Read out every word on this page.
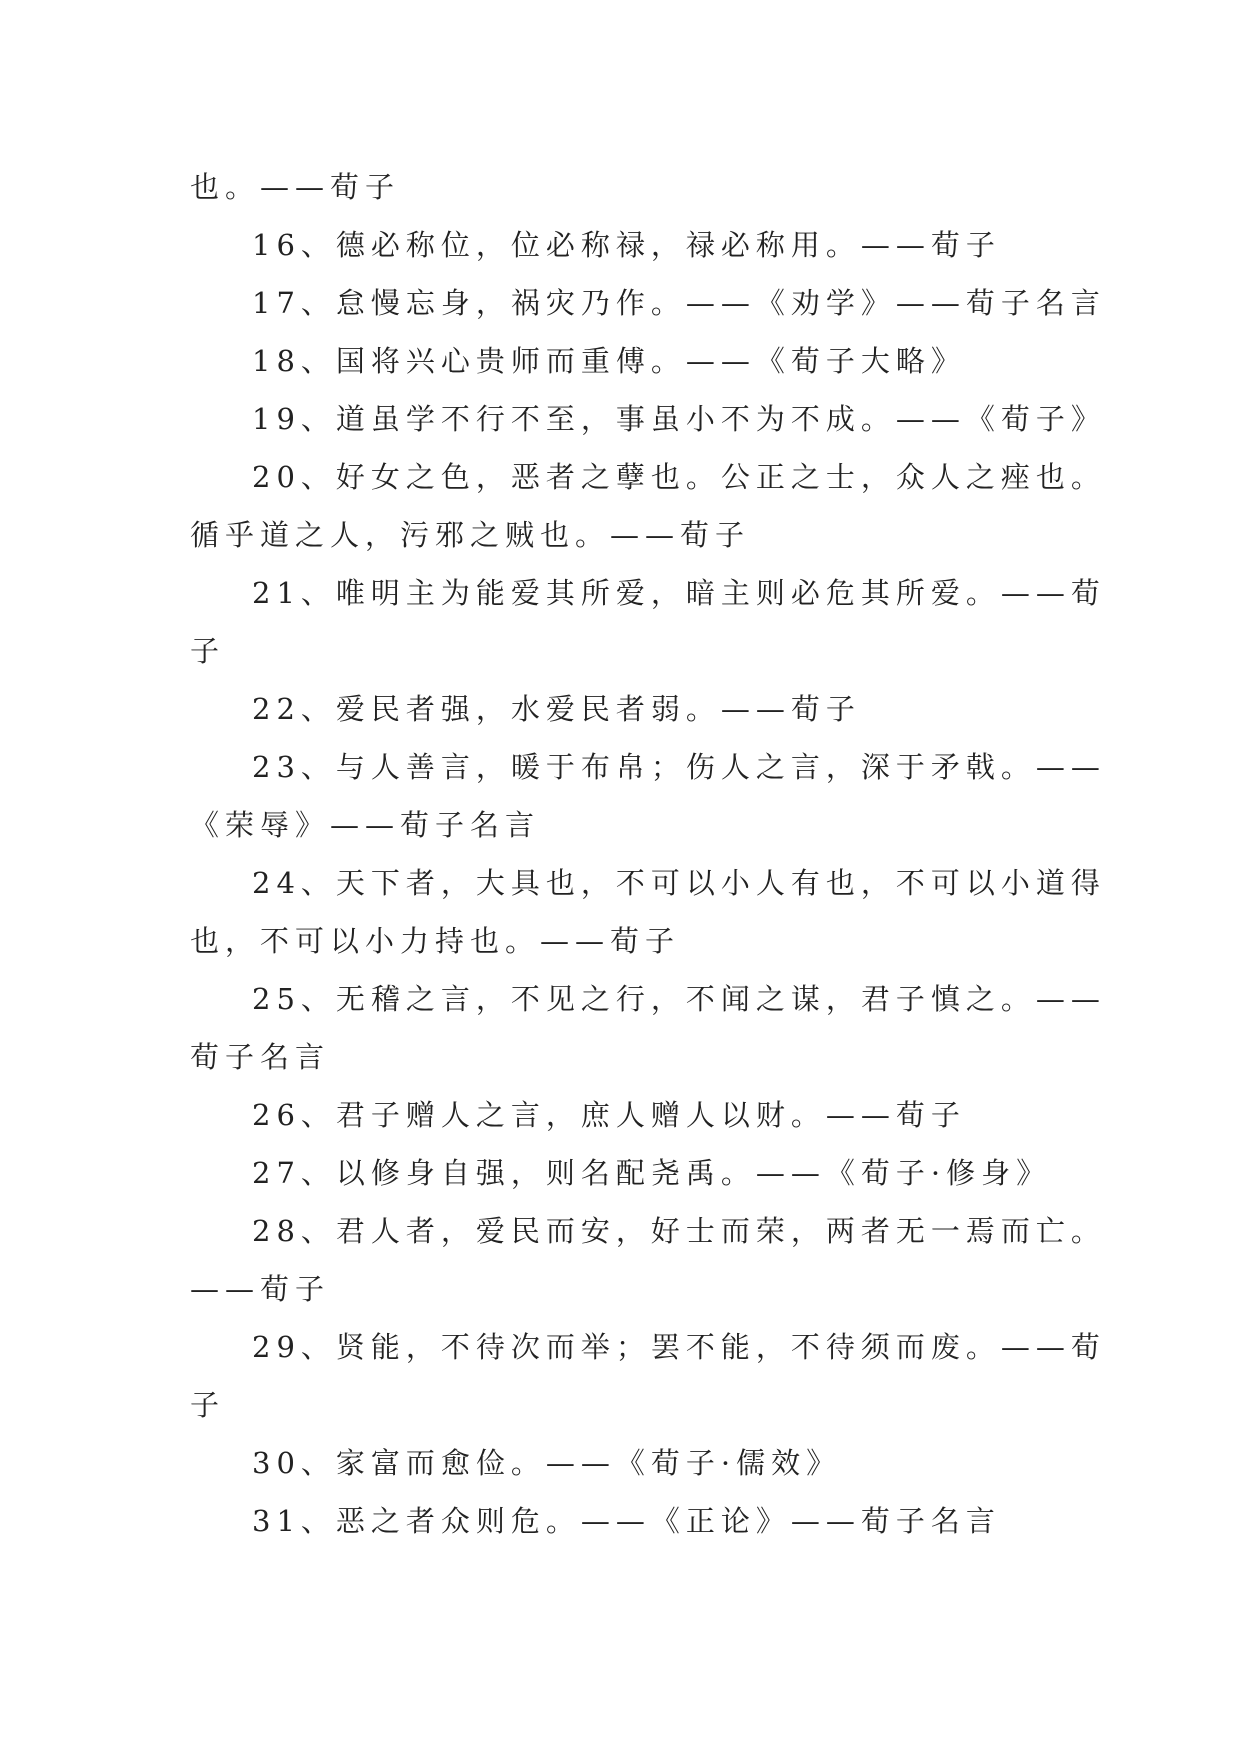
也。——荀子
16、德必称位，位必称禄，禄必称用。——荀子
17、怠慢忘身，祸灾乃作。——《劝学》——荀子名言
18、国将兴心贵师而重傅。——《荀子大略》
19、道虽学不行不至，事虽小不为不成。——《荀子》
20、好女之色，恶者之孽也。公正之士，众人之痤也。
循乎道之人，污邪之贼也。——荀子
21、唯明主为能爱其所爱，暗主则必危其所爱。——荀
子
22、爱民者强，水爱民者弱。——荀子
23、与人善言，暖于布帛；伤人之言，深于矛戟。——
《荣辱》——荀子名言
24、天下者，大具也，不可以小人有也，不可以小道得
也，不可以小力持也。——荀子
25、无稽之言，不见之行，不闻之谋，君子慎之。——
荀子名言
26、君子赠人之言，庶人赠人以财。——荀子
27、以修身自强，则名配尧禹。——《荀子·修身》
28、君人者，爱民而安，好士而荣，两者无一焉而亡。
——荀子
29、贤能，不待次而举；罢不能，不待须而废。——荀
子
30、家富而愈俭。——《荀子·儒效》
31、恶之者众则危。——《正论》——荀子名言
